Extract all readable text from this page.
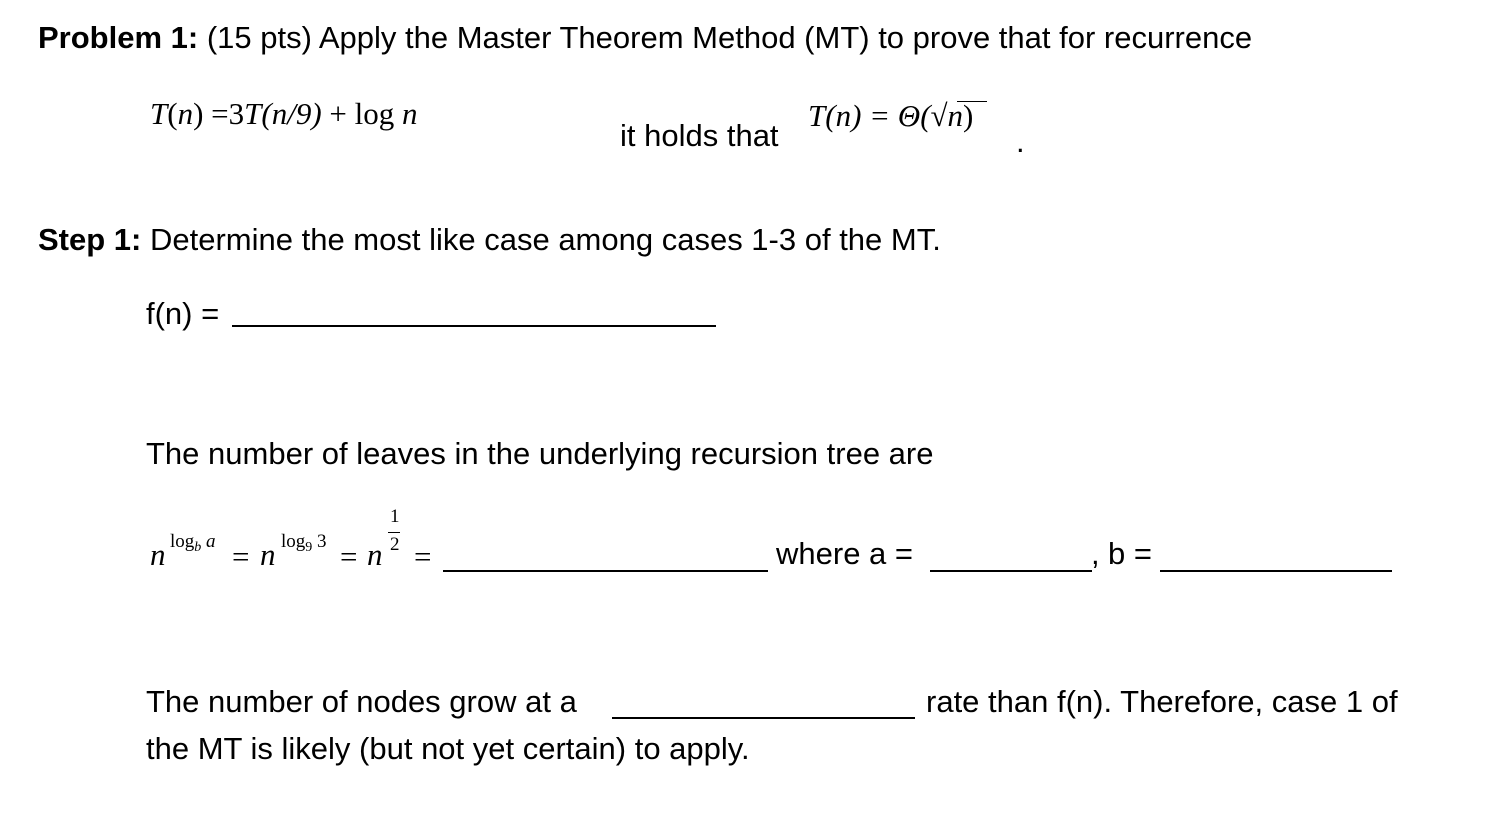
Problem 1: (15 pts) Apply the Master Theorem Method (MT) to prove that for recurrence
T(n) =3T(n/9) + log n
it holds that
T(n) = Θ(√n)
.
Step 1: Determine the most like case among cases 1-3 of the MT.
f(n) =
The number of leaves in the underlying recursion tree are
n $\log_b a = n$ $\log_9 3 = n$
1
2 =	where a =	, b =
The number of nodes grow at a	rate than f(n). Therefore, case 1 of
the MT is likely (but not yet certain) to apply.
